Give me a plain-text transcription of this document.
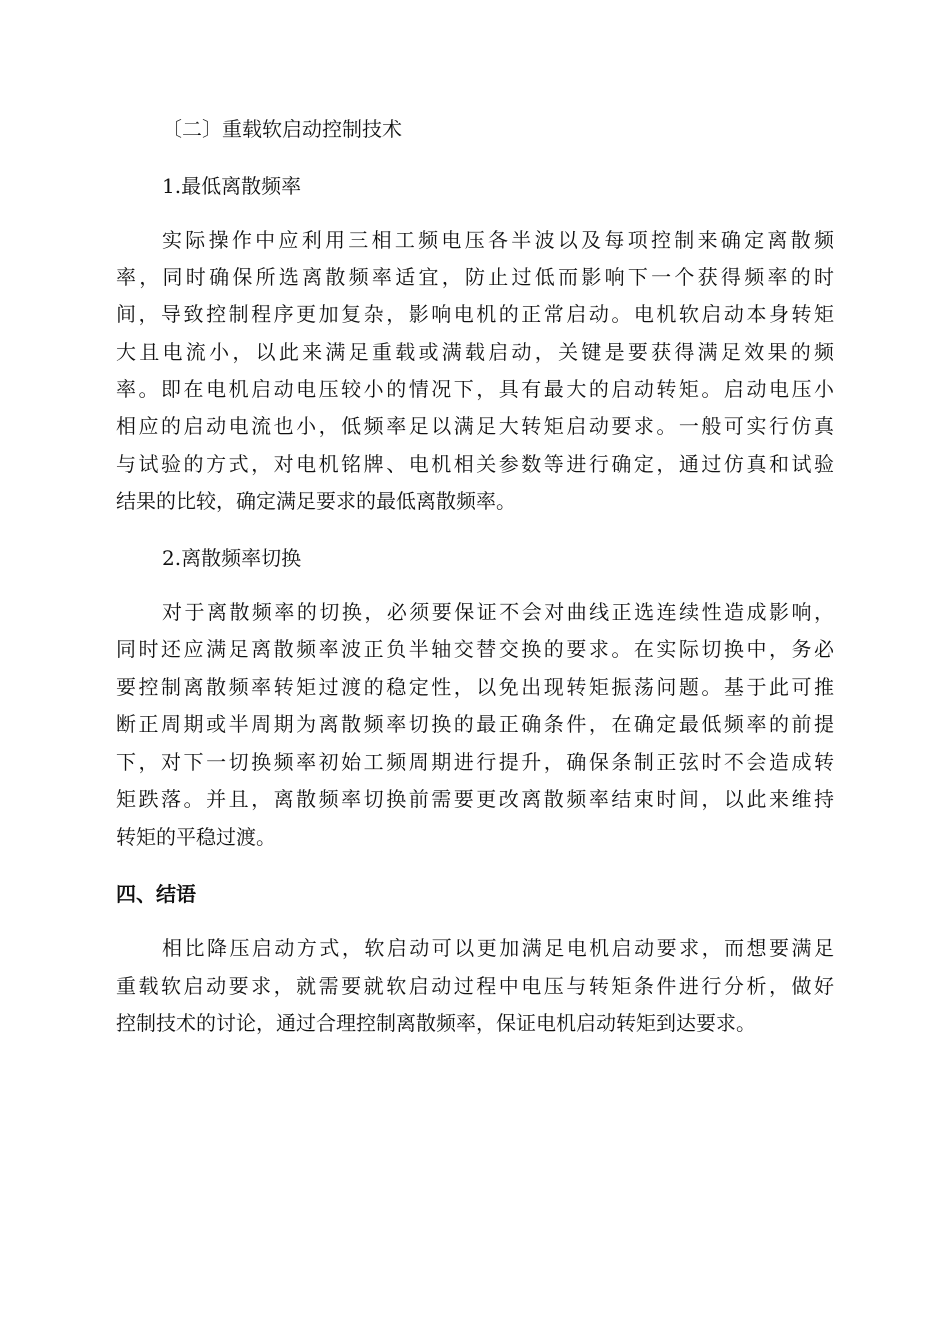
〔二〕重载软启动控制技术

1.最低离散频率

实际操作中应利用三相工频电压各半波以及每项控制来确定离散频

率，同时确保所选离散频率适宜，防止过低而影响下一个获得频率的时

间，导致控制程序更加复杂，影响电机的正常启动。电机软启动本身转矩

大且电流小，以此来满足重载或满载启动，关键是要获得满足效果的频

率。即在电机启动电压较小的情况下，具有最大的启动转矩。启动电压小

相应的启动电流也小，低频率足以满足大转矩启动要求。一般可实行仿真

与试验的方式，对电机铭牌、电机相关参数等进行确定，通过仿真和试验

结果的比较，确定满足要求的最低离散频率。

2.离散频率切换

对于离散频率的切换，必须要保证不会对曲线正选连续性造成影响，

同时还应满足离散频率波正负半轴交替交换的要求。在实际切换中，务必

要控制离散频率转矩过渡的稳定性，以免出现转矩振荡问题。基于此可推

断正周期或半周期为离散频率切换的最正确条件，在确定最低频率的前提

下，对下一切换频率初始工频周期进行提升，确保条制正弦时不会造成转

矩跌落。并且，离散频率切换前需要更改离散频率结束时间，以此来维持

转矩的平稳过渡。

四、结语

相比降压启动方式，软启动可以更加满足电机启动要求，而想要满足

重载软启动要求，就需要就软启动过程中电压与转矩条件进行分析，做好

控制技术的讨论，通过合理控制离散频率，保证电机启动转矩到达要求。
